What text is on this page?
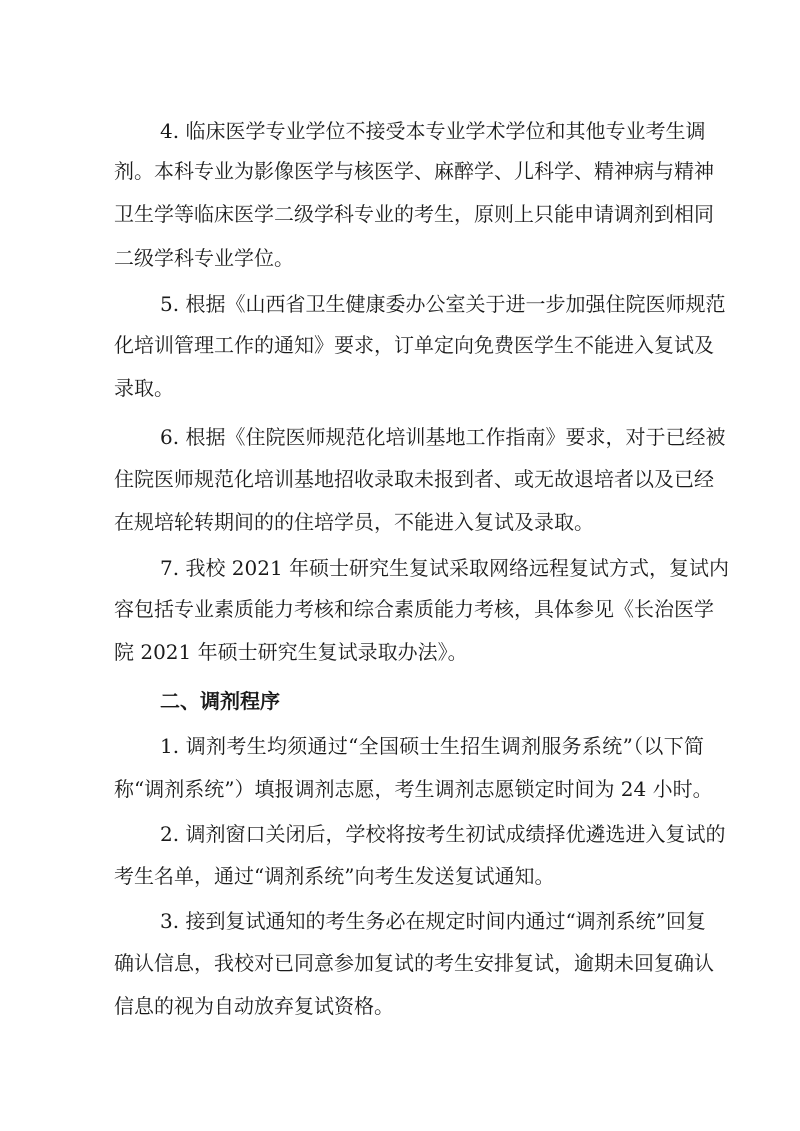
4. 临床医学专业学位不接受本专业学术学位和其他专业考生调
剂。本科专业为影像医学与核医学、麻醉学、儿科学、精神病与精神
卫生学等临床医学二级学科专业的考生，原则上只能申请调剂到相同
二级学科专业学位。
5. 根据《山西省卫生健康委办公室关于进一步加强住院医师规范
化培训管理工作的通知》要求，订单定向免费医学生不能进入复试及
录取。
6. 根据《住院医师规范化培训基地工作指南》要求，对于已经被
住院医师规范化培训基地招收录取未报到者、或无故退培者以及已经
在规培轮转期间的的住培学员，不能进入复试及录取。
7. 我校 2021 年硕士研究生复试采取网络远程复试方式，复试内
容包括专业素质能力考核和综合素质能力考核，具体参见《长治医学
院 2021 年硕士研究生复试录取办法》。
二、调剂程序
1. 调剂考生均须通过“全国硕士生招生调剂服务系统”（以下简
称“调剂系统”）填报调剂志愿，考生调剂志愿锁定时间为 24 小时。
2. 调剂窗口关闭后，学校将按考生初试成绩择优遴选进入复试的
考生名单，通过“调剂系统”向考生发送复试通知。
3. 接到复试通知的考生务必在规定时间内通过“调剂系统”回复
确认信息，我校对已同意参加复试的考生安排复试，逾期未回复确认
信息的视为自动放弃复试资格。
